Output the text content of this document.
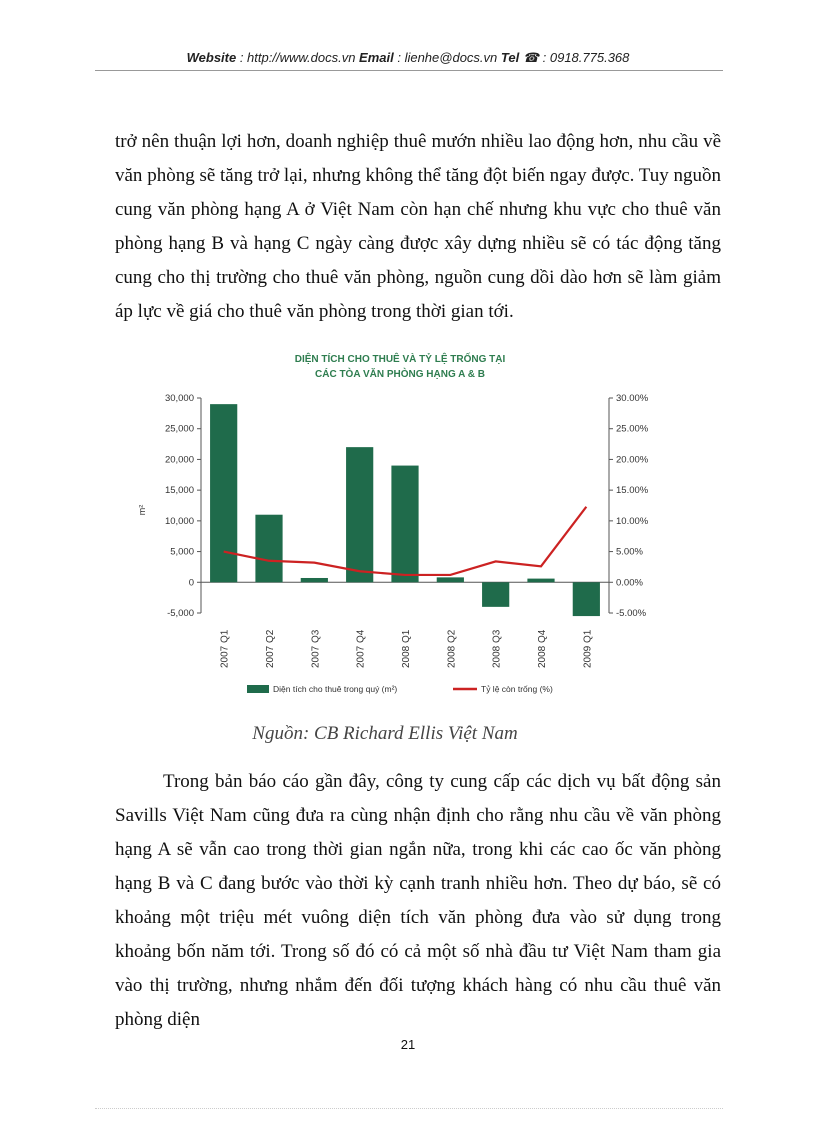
Website : http://www.docs.vn Email : lienhe@docs.vn Tel ☎ : 0918.775.368
trở nên thuận lợi hơn, doanh nghiệp thuê mướn nhiều lao động hơn, nhu cầu về văn phòng sẽ tăng trở lại, nhưng không thể tăng đột biến ngay được. Tuy nguồn cung văn phòng hạng A ở Việt Nam còn hạn chế nhưng khu vực cho thuê văn phòng hạng B và hạng C ngày càng được xây dựng nhiều sẽ có tác động tăng cung cho thị trường cho thuê văn phòng, nguồn cung dồi dào hơn sẽ làm giảm áp lực về giá cho thuê văn phòng trong thời gian tới.
DIỆN TÍCH CHO THUÊ VÀ TỶ LỆ TRỐNG TẠI
CÁC TÒA VĂN PHÒNG HẠNG A & B
m²
30,000
25,000
20,000
15,000
10,000
5,000
0
-5,000
30.00%
25.00%
20.00%
15.00%
10.00%
5.00%
0.00%
-5.00%
2007 Q1	2007 Q2	2007 Q3	2007 Q4	2008 Q1	2008 Q2	2008 Q3	2008 Q4	2009 Q1
Diện tích cho thuê trong quý (m²)	Tỷ lệ còn trống (%)
Nguồn: CB Richard Ellis Việt Nam
Trong bản báo cáo gần đây, công ty cung cấp các dịch vụ bất động sản Savills Việt Nam cũng đưa ra cùng nhận định cho rằng nhu cầu về văn phòng hạng A sẽ vẫn cao trong thời gian ngắn nữa, trong khi các cao ốc văn phòng hạng B và C đang bước vào thời kỳ cạnh tranh nhiều hơn. Theo dự báo, sẽ có khoảng một triệu mét vuông diện tích văn phòng đưa vào sử dụng trong khoảng bốn năm tới. Trong số đó có cả một số nhà đầu tư Việt Nam tham gia vào thị trường, nhưng nhắm đến đối tượng khách hàng có nhu cầu thuê văn phòng diện
21
